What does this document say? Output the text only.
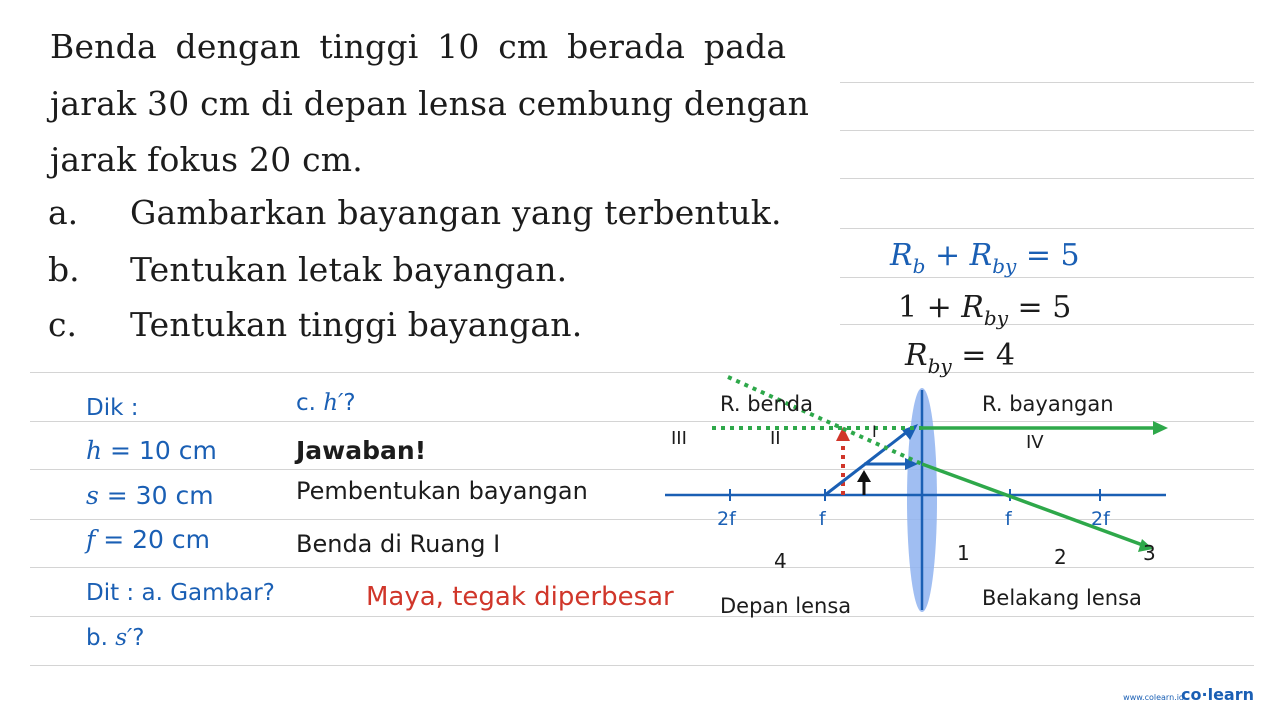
Benda dengan tinggi 10 cm berada pada
jarak 30 cm di depan lensa cembung dengan
jarak fokus 20 cm.
a. Gambarkan bayangan yang terbentuk.
b. Tentukan letak bayangan.
c. Tentukan tinggi bayangan.
$R_b + R_{by} = 5$
$1 + R_{by} = 5$
$R_{by} = 4$
Dik :
h = 10 cm
s = 30 cm
f = 20 cm
Dit : a. Gambar?
b. s′?
c. h′?
Jawaban!
Pembentukan bayangan
Benda di Ruang I
Maya, tegak diperbesar
R. benda	R. bayangan
III	II	I
IV
2f	f	f	2f
4	1	2	3
Depan lensa	Belakang lensa
www.colearn.id
co·learn
